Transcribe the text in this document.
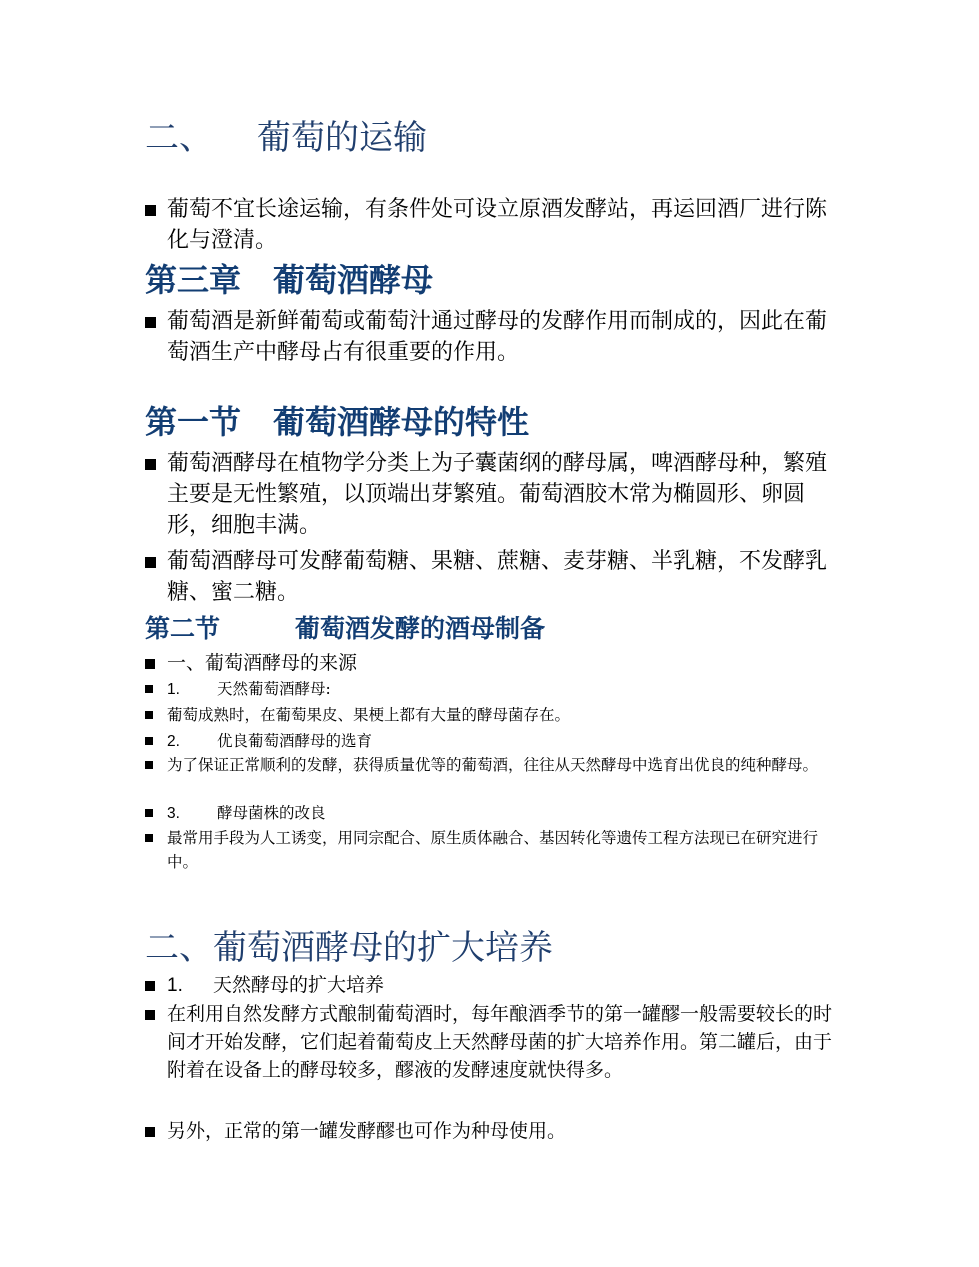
二、 葡萄的运输
葡萄不宜长途运输，有条件处可设立原酒发酵站，再运回酒厂进行陈化与澄清。
第三章　葡萄酒酵母
葡萄酒是新鲜葡萄或葡萄汁通过酵母的发酵作用而制成的，因此在葡萄酒生产中酵母占有很重要的作用。
第一节　葡萄酒酵母的特性
葡萄酒酵母在植物学分类上为子囊菌纲的酵母属，啤酒酵母种，繁殖主要是无性繁殖，以顶端出芽繁殖。葡萄酒胶木常为椭圆形、卵圆形，细胞丰满。
葡萄酒酵母可发酵葡萄糖、果糖、蔗糖、麦芽糖、半乳糖，不发酵乳糖、蜜二糖。
第二节	葡萄酒发酵的酒母制备
一、葡萄酒酵母的来源
1. 天然葡萄酒酵母:
葡萄成熟时，在葡萄果皮、果梗上都有大量的酵母菌存在。
2. 优良葡萄酒酵母的选育
为了保证正常顺利的发酵，获得质量优等的葡萄酒，往往从天然酵母中选育出优良的纯种酵母。
3. 酵母菌株的改良
最常用手段为人工诱变，用同宗配合、原生质体融合、基因转化等遗传工程方法现已在研究进行中。
二、葡萄酒酵母的扩大培养
1. 天然酵母的扩大培养
在利用自然发酵方式酿制葡萄酒时，每年酿酒季节的第一罐醪一般需要较长的时间才开始发酵，它们起着葡萄皮上天然酵母菌的扩大培养作用。第二罐后，由于附着在设备上的酵母较多，醪液的发酵速度就快得多。
另外，正常的第一罐发酵醪也可作为种母使用。
